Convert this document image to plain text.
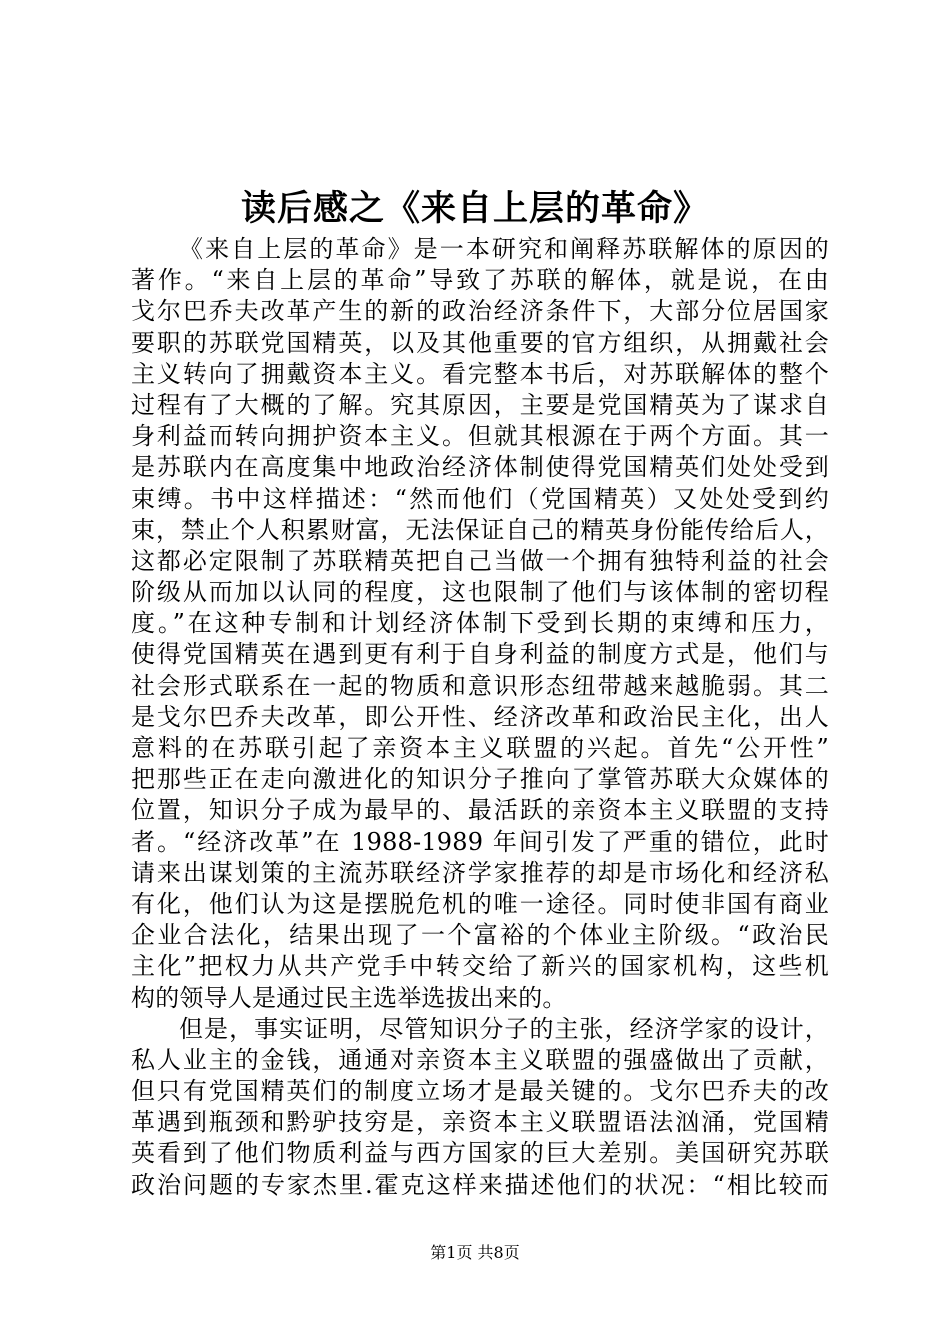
读后感之《来自上层的革命》
《来自上层的革命》是一本研究和阐释苏联解体的原因的
著作。“来自上层的革命”导致了苏联的解体，就是说，在由
戈尔巴乔夫改革产生的新的政治经济条件下，大部分位居国家
要职的苏联党国精英，以及其他重要的官方组织，从拥戴社会
主义转向了拥戴资本主义。看完整本书后，对苏联解体的整个
过程有了大概的了解。究其原因，主要是党国精英为了谋求自
身利益而转向拥护资本主义。但就其根源在于两个方面。其一
是苏联内在高度集中地政治经济体制使得党国精英们处处受到
束缚。书中这样描述：“然而他们（党国精英）又处处受到约
束，禁止个人积累财富，无法保证自己的精英身份能传给后人，
这都必定限制了苏联精英把自己当做一个拥有独特利益的社会
阶级从而加以认同的程度，这也限制了他们与该体制的密切程
度。”在这种专制和计划经济体制下受到长期的束缚和压力，
使得党国精英在遇到更有利于自身利益的制度方式是，他们与
社会形式联系在一起的物质和意识形态纽带越来越脆弱。其二
是戈尔巴乔夫改革，即公开性、经济改革和政治民主化，出人
意料的在苏联引起了亲资本主义联盟的兴起。首先“公开性”
把那些正在走向激进化的知识分子推向了掌管苏联大众媒体的
位置，知识分子成为最早的、最活跃的亲资本主义联盟的支持
者。“经济改革”在 1988-1989 年间引发了严重的错位，此时
请来出谋划策的主流苏联经济学家推荐的却是市场化和经济私
有化，他们认为这是摆脱危机的唯一途径。同时使非国有商业
企业合法化，结果出现了一个富裕的个体业主阶级。“政治民
主化”把权力从共产党手中转交给了新兴的国家机构，这些机
构的领导人是通过民主选举选拔出来的。
但是，事实证明，尽管知识分子的主张，经济学家的设计，
私人业主的金钱，通通对亲资本主义联盟的强盛做出了贡献，
但只有党国精英们的制度立场才是最关键的。戈尔巴乔夫的改
革遇到瓶颈和黔驴技穷是，亲资本主义联盟语法汹涌，党国精
英看到了他们物质利益与西方国家的巨大差别。美国研究苏联
政治问题的专家杰里.霍克这样来描述他们的状况：“相比较而
第1页 共8页
